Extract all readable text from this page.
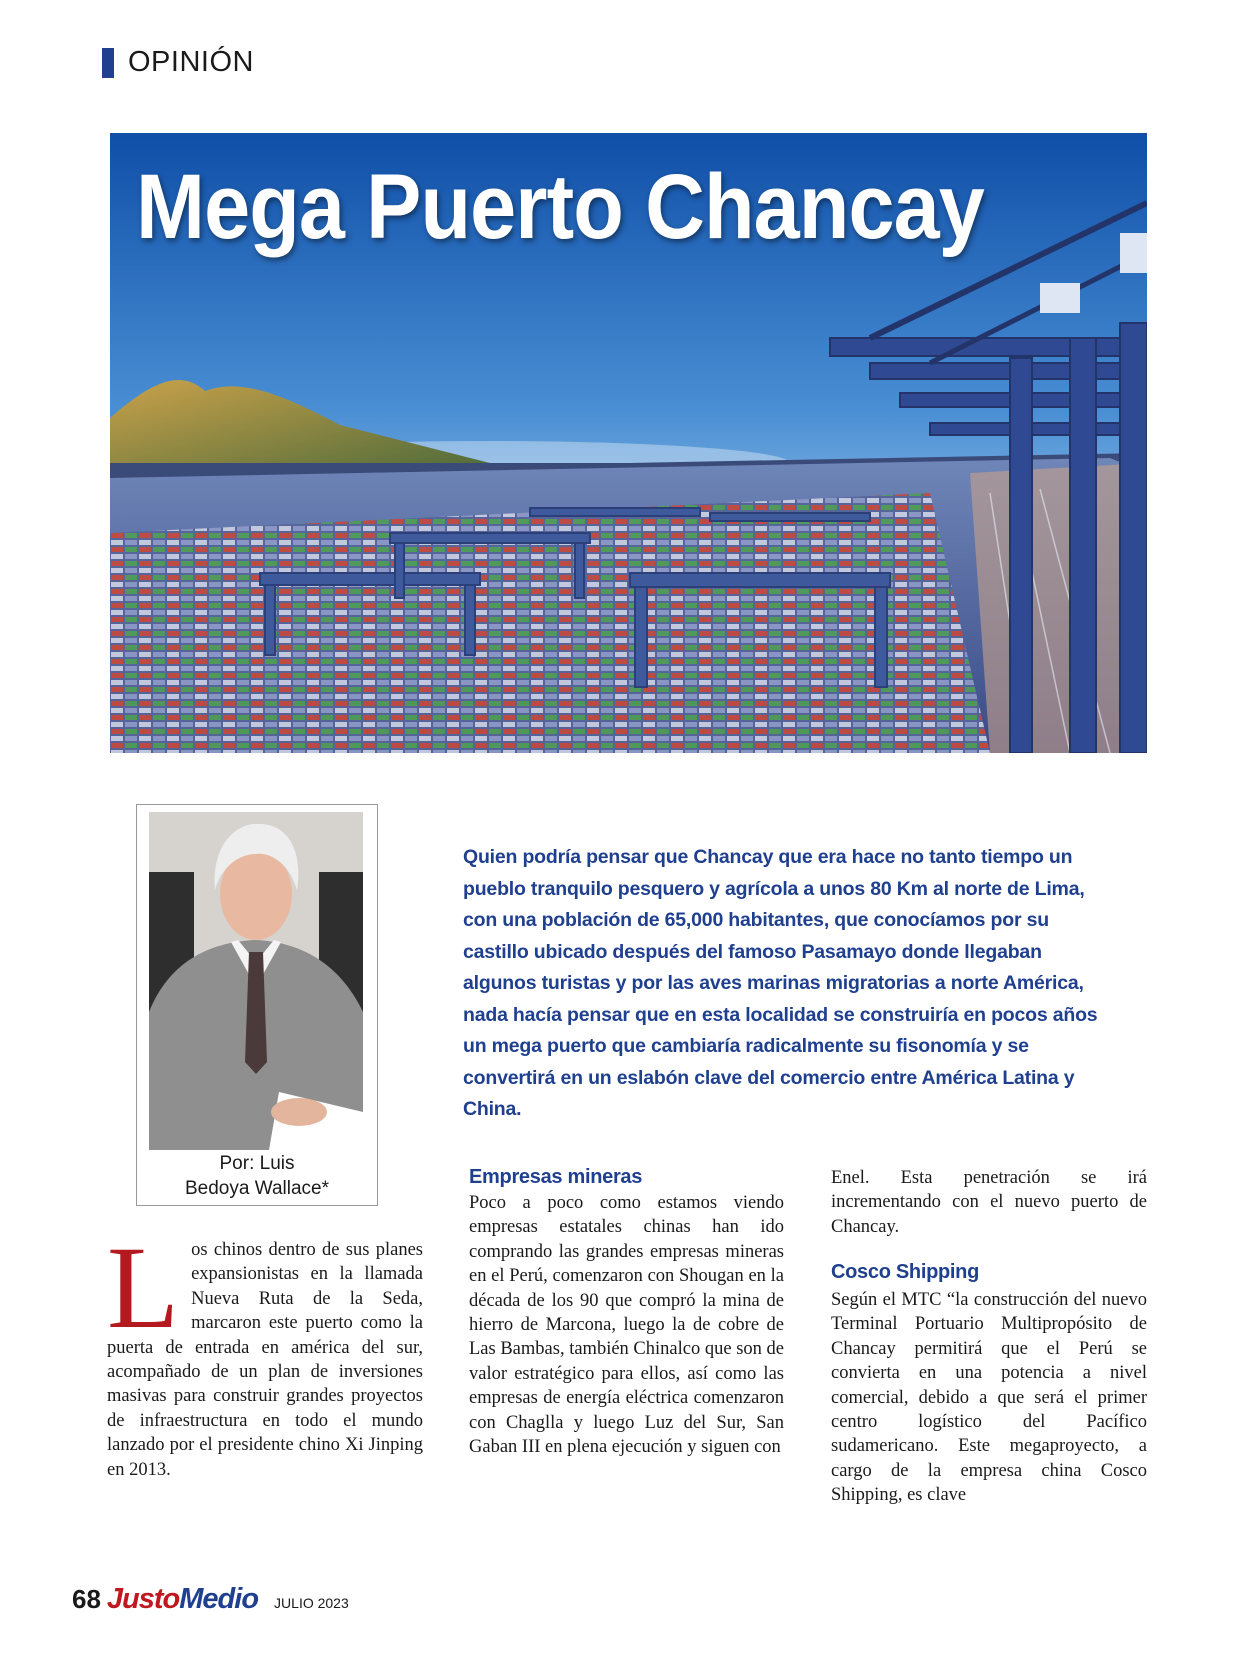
OPINIÓN
Mega Puerto Chancay
Por: Luis
Bedoya Wallace*
Quien podría pensar que Chancay que era hace no tanto tiempo un pueblo tranquilo pesquero y agrícola a unos 80 Km al norte de Lima, con una población de 65,000 habitantes, que conocíamos por su castillo ubicado después del famoso Pasamayo donde llegaban algunos turistas y por las aves marinas migratorias a norte América, nada hacía pensar que en esta localidad se construiría en pocos años un mega puerto que cambiaría radicalmente su fisonomía y se convertirá en un eslabón clave del comercio entre América Latina y China.
L os chinos dentro de sus planes expansionistas en la llamada Nueva Ruta de la Seda, marcaron este puerto como la puerta de entrada en américa del sur, acompañado de un plan de inversiones masivas para construir grandes proyectos de infraestructura en todo el mundo lanzado por el presidente chino Xi Jinping en 2013.

Empresas mineras

Poco a poco como estamos viendo empresas estatales chinas han ido comprando las grandes empresas mineras en el Perú, comenzaron con Shougan en la década de los 90 que compró la mina de hierro de Marcona, luego la de cobre de Las Bambas, también Chinalco que son de valor estratégico para ellos, así como las empresas de energía eléctrica comenzaron con Chaglla y luego Luz del Sur, San Gaban III en plena ejecución y siguen con

Enel. Esta penetración se irá incrementando con el nuevo puerto de Chancay.

Cosco Shipping

Según el MTC “la construcción del nuevo Terminal Portuario Multipropósito de Chancay permitirá que el Perú se convierta en una potencia a nivel comercial, debido a que será el primer centro logístico del Pacífico sudamericano. Este megaproyecto, a cargo de la empresa china Cosco Shipping, es clave

68 Justo Medio JULIO 2023
